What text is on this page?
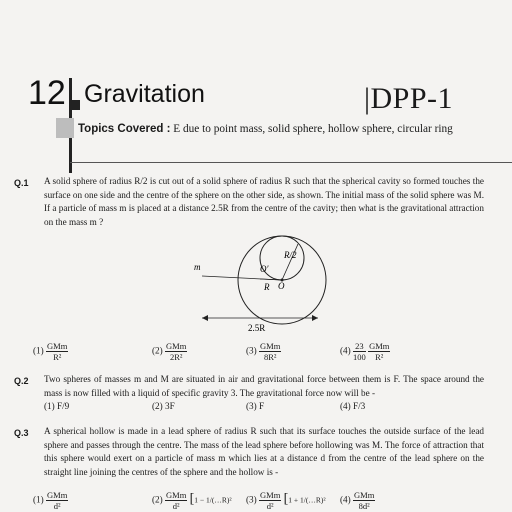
12 Gravitation	|DPP-1
Topics Covered : E due to point mass, solid sphere, hollow sphere, circular ring
Q.1 A solid sphere of radius R/2 is cut out of a solid sphere of radius R such that the spherical cavity so formed touches the surface on one side and the centre of the sphere on the other side, as shown. The initial mass of the solid sphere was M. If a particle of mass m is placed at a distance 2.5R from the centre of the cavity; then what is the gravitational attraction on the mass m ?
m	O′
O
R
R/2
2.5R
$(1) \frac{\text{GMm}}{\text{R²}}$	$(2) \frac{\text{GMm}}{\text{2R²}}$	$(3) \frac{\text{GMm}}{\text{8R²}}$	$(4) \frac{23}{100}$
$\frac{\text{GMm}}{\text{R²}}$
Q.2 Two spheres of masses m and M are situated in air and gravitational force between them is F. The space around the mass is now filled with a liquid of specific gravity 3. The gravitational force now will be -
(1) F/9	(2) 3F	(3) F	(4) F/3
Q.3 A spherical hollow is made in a lead sphere of radius R such that its surface touches the outside surface of the lead sphere and passes through the centre. The mass of the lead sphere before hollowing was M. The force of attraction that this sphere would exert on a particle of mass m which lies at a distance d from the centre of the lead sphere on the straight line joining the centres of the sphere and the hollow is -
$(1) \frac{\text{GMm}}{\text{d²}}$	$(2) \frac{\text{GMm}}{\text{d²}} [1$ − 1/(…R)² $(3) \frac{\text{GMm}}{\text{d²}} [1$ + 1/(…R)² $(4) \frac{\text{GMm}}{\text{8d²}}$
